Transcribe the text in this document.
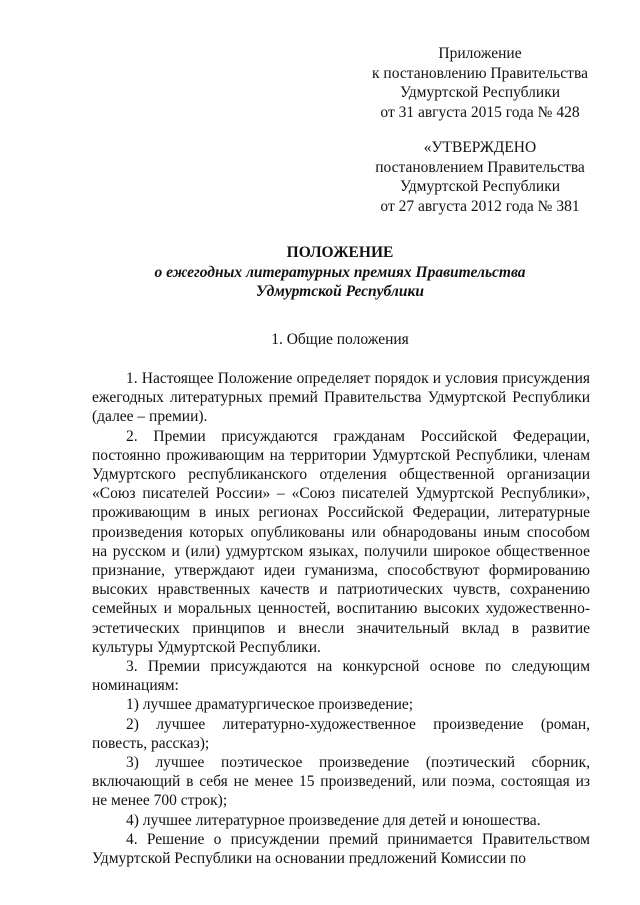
Приложение
к постановлению Правительства
Удмуртской Республики
от 31 августа 2015 года № 428
«УТВЕРЖДЕНО
постановлением Правительства
Удмуртской Республики
от 27 августа 2012 года № 381
ПОЛОЖЕНИЕ
о ежегодных литературных премиях Правительства
Удмуртской Республики
1. Общие положения

1. Настоящее Положение определяет порядок и условия присуждения ежегодных литературных премий Правительства Удмуртской Республики (далее – премии).

2. Премии присуждаются гражданам Российской Федерации, постоянно проживающим на территории Удмуртской Республики, членам Удмуртского республиканского отделения общественной организации «Союз писателей России» – «Союз писателей Удмуртской Республики», проживающим в иных регионах Российской Федерации, литературные произведения которых опубликованы или обнародованы иным способом на русском и (или) удмуртском языках, получили широкое общественное признание, утверждают идеи гуманизма, способствуют формированию высоких нравственных качеств и патриотических чувств, сохранению семейных и моральных ценностей, воспитанию высоких художественно-эстетических принципов и внесли значительный вклад в развитие культуры Удмуртской Республики.

3. Премии присуждаются на конкурсной основе по следующим номинациям:

1) лучшее драматургическое произведение;

2) лучшее литературно-художественное произведение (роман, повесть, рассказ);

3) лучшее поэтическое произведение (поэтический сборник, включающий в себя не менее 15 произведений, или поэма, состоящая из не менее 700 строк);

4) лучшее литературное произведение для детей и юношества.

4. Решение о присуждении премий принимается Правительством Удмуртской Республики на основании предложений Комиссии по
